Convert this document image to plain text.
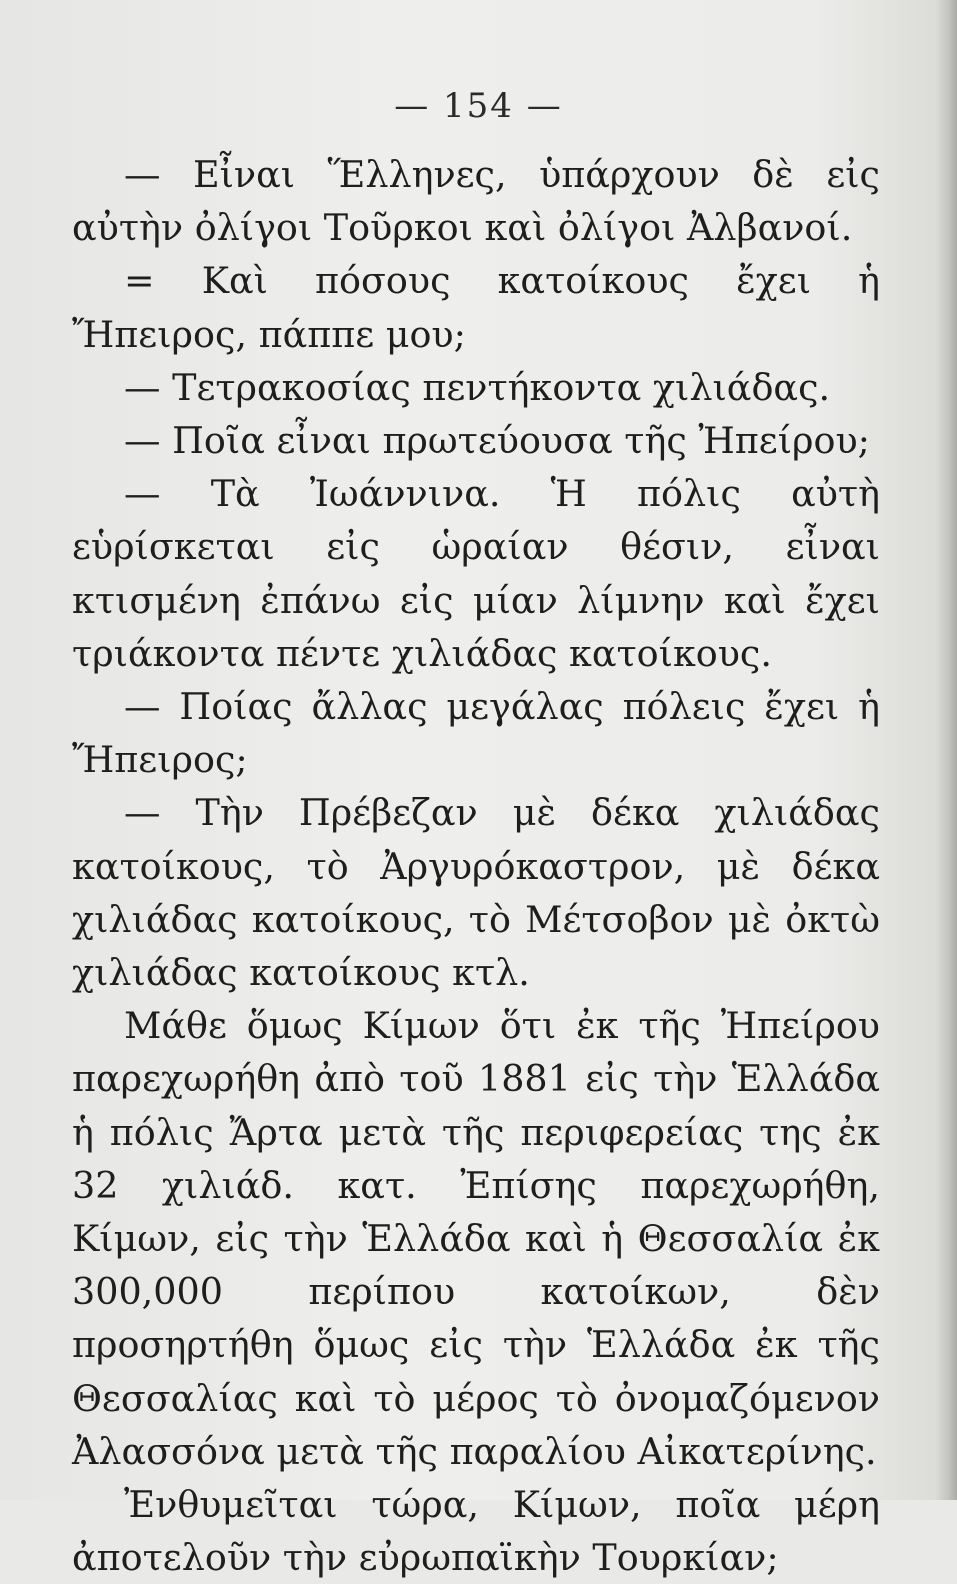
— 154 —

— Εἶναι Ἕλληνες, ὑπάρχουν δὲ εἰς αὐτὴν ὀλίγοι Τοῦρκοι καὶ ὀλίγοι Ἀλβανοί.

= Καὶ πόσους κατοίκους ἔχει ἡ Ἤπειρος, πάππε μου;

— Τετρακοσίας πεντήκοντα χιλιάδας.

— Ποῖα εἶναι πρωτεύουσα τῆς Ἠπείρου;

— Τὰ Ἰωάννινα. Ἡ πόλις αὐτὴ εὑρίσκεται εἰς ὡραίαν θέσιν, εἶναι κτισμένη ἐπάνω εἰς μίαν λίμνην καὶ ἔχει τριάκοντα πέντε χιλιάδας κατοίκους.

— Ποίας ἄλλας μεγάλας πόλεις ἔχει ἡ Ἤπειρος;

— Τὴν Πρέβεζαν μὲ δέκα χιλιάδας κατοίκους, τὸ Ἀργυρόκαστρον, μὲ δέκα χιλιάδας κατοίκους, τὸ Μέτσοβον μὲ ὀκτὼ χιλιάδας κατοίκους κτλ.

Μάθε ὅμως Κίμων ὅτι ἐκ τῆς Ἠπείρου παρεχωρήθη ἀπὸ τοῦ 1881 εἰς τὴν Ἑλλάδα ἡ πόλις Ἄρτα μετὰ τῆς περιφερείας της ἐκ 32 χιλιάδ. κατ. Ἐπίσης παρεχωρήθη, Κίμων, εἰς τὴν Ἑλλάδα καὶ ἡ Θεσσαλία ἐκ 300,000 περίπου κατοίκων, δὲν προσηρτήθη ὅμως εἰς τὴν Ἑλλάδα ἐκ τῆς Θεσσαλίας καὶ τὸ μέρος τὸ ὀνομαζόμενον Ἀλασσόνα μετὰ τῆς παραλίου Αἰκατερίνης.

Ἐνθυμεῖται τώρα, Κίμων, ποῖα μέρη ἀποτελοῦν τὴν εὐρωπαϊκὴν Τουρκίαν;
